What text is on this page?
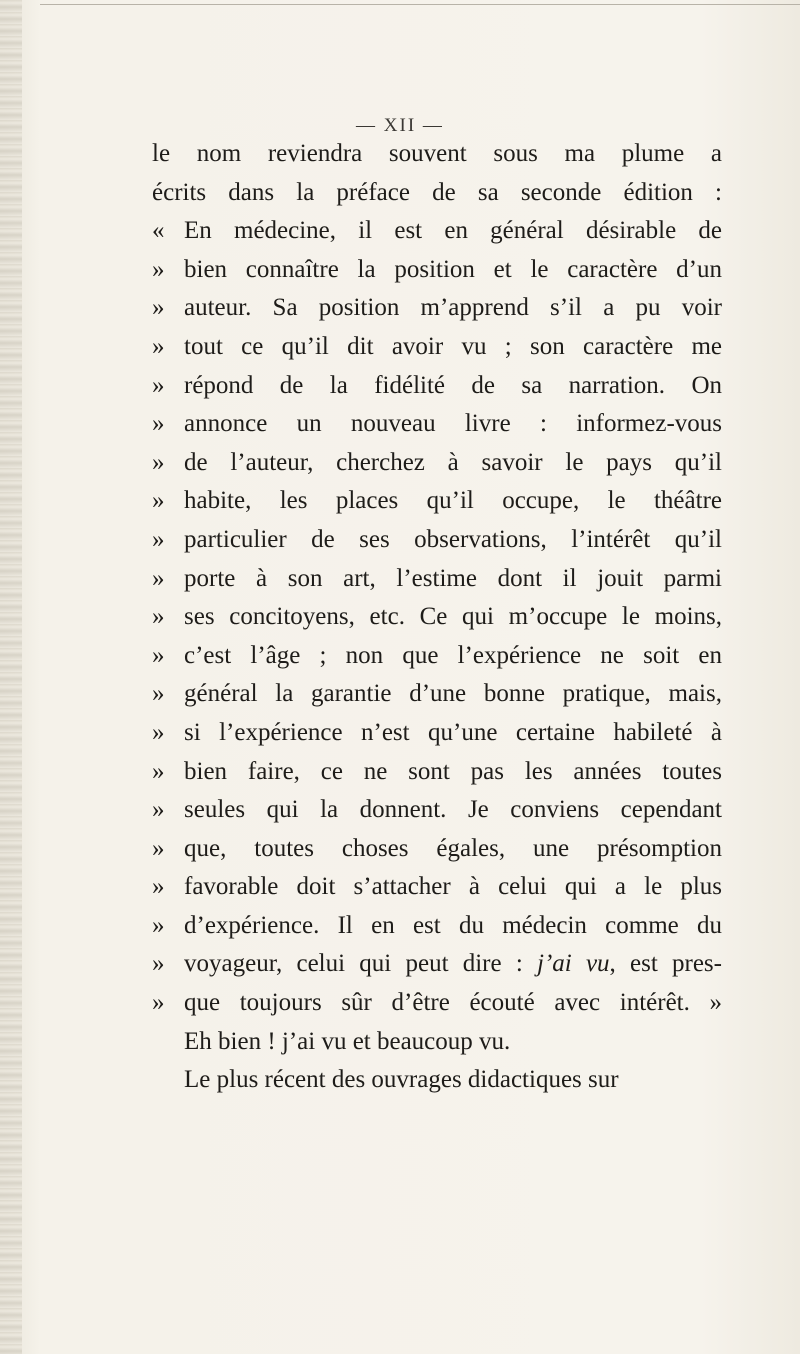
— XII —
le nom reviendra souvent sous ma plume a
écrits dans la préface de sa seconde édition :
« En médecine, il est en général désirable de
» bien connaître la position et le caractère d’un
» auteur. Sa position m’apprend s’il a pu voir
» tout ce qu’il dit avoir vu ; son caractère me
» répond de la fidélité de sa narration. On
» annonce un nouveau livre : informez-vous
» de l’auteur, cherchez à savoir le pays qu’il
» habite, les places qu’il occupe, le théâtre
» particulier de ses observations, l’intérêt qu’il
» porte à son art, l’estime dont il jouit parmi
» ses concitoyens, etc. Ce qui m’occupe le moins,
» c’est l’âge ; non que l’expérience ne soit en
» général la garantie d’une bonne pratique, mais,
» si l’expérience n’est qu’une certaine habileté à
» bien faire, ce ne sont pas les années toutes
» seules qui la donnent. Je conviens cependant
» que, toutes choses égales, une présomption
» favorable doit s’attacher à celui qui a le plus
» d’expérience. Il en est du médecin comme du
» voyageur, celui qui peut dire : j’ai vu, est pres-
» que toujours sûr d’être écouté avec intérêt. »
Eh bien ! j’ai vu et beaucoup vu.
Le plus récent des ouvrages didactiques sur
